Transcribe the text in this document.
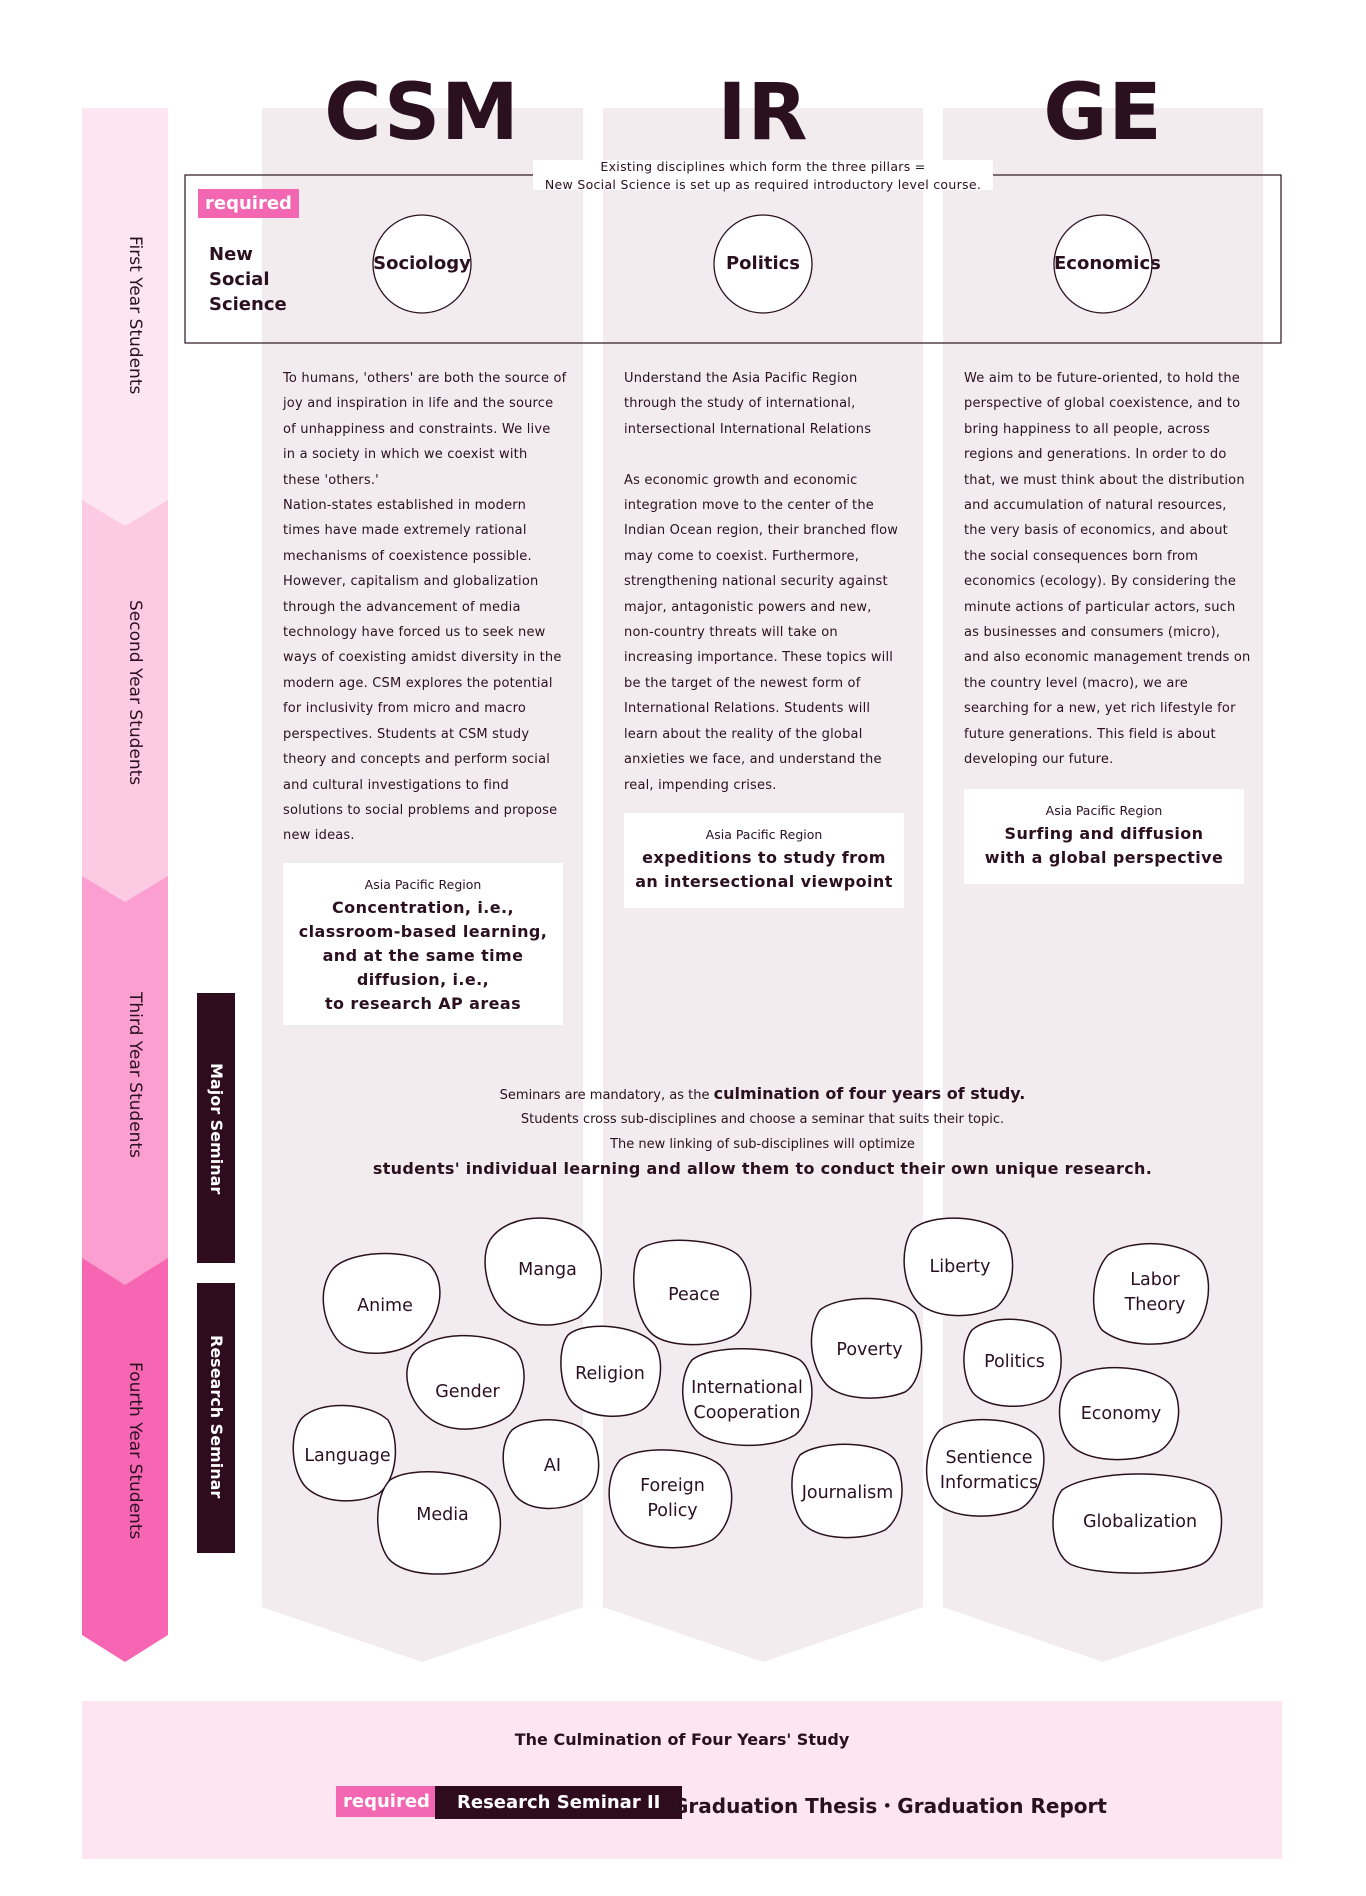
CSM	IR	GE
First Year Students
Second Year Students
Third Year Students
Fourth Year Students
Major Seminar
Research Seminar
Existing disciplines which form the three pillars =
New Social Science is set up as required introductory level course.
required
New
Social
Science
Sociology	Politics	Economics
To humans, 'others' are both the source of
joy and inspiration in life and the source
of unhappiness and constraints. We live
in a society in which we coexist with
these 'others.'
Nation-states established in modern
times have made extremely rational
mechanisms of coexistence possible.
However, capitalism and globalization
through the advancement of media
technology have forced us to seek new
ways of coexisting amidst diversity in the
modern age. CSM explores the potential
for inclusivity from micro and macro
perspectives. Students at CSM study
theory and concepts and perform social
and cultural investigations to find
solutions to social problems and propose
new ideas.
Understand the Asia Pacific Region
through the study of international,
intersectional International Relations

As economic growth and economic
integration move to the center of the
Indian Ocean region, their branched flow
may come to coexist. Furthermore,
strengthening national security against
major, antagonistic powers and new,
non-country threats will take on
increasing importance. These topics will
be the target of the newest form of
International Relations. Students will
learn about the reality of the global
anxieties we face, and understand the
real, impending crises.
We aim to be future-oriented, to hold the
perspective of global coexistence, and to
bring happiness to all people, across
regions and generations. In order to do
that, we must think about the distribution
and accumulation of natural resources,
the very basis of economics, and about
the social consequences born from
economics (ecology). By considering the
minute actions of particular actors, such
as businesses and consumers (micro),
and also economic management trends on
the country level (macro), we are
searching for a new, yet rich lifestyle for
future generations. This field is about
developing our future.
Asia Pacific Region
Concentration, i.e.,
classroom-based learning,
and at the same time
diffusion, i.e.,
to research AP areas
Asia Pacific Region
expeditions to study from
an intersectional viewpoint
Asia Pacific Region
Surfing and diffusion
with a global perspective
Seminars are mandatory, as the culmination of four years of study.
Students cross sub-disciplines and choose a seminar that suits their topic.
The new linking of sub-disciplines will optimize
students' individual learning and allow them to conduct their own unique research.
Anime
Manga
Gender
Language	AI
Media
Religion
Peace
International
Cooperation
Foreign
Policy
Poverty
Journalism
Liberty
Labor
Theory
Politics
Economy
Sentience
Informatics
Globalization
The Culmination of Four Years' Study
required	Research Seminar II Graduation Thesis・Graduation Report
